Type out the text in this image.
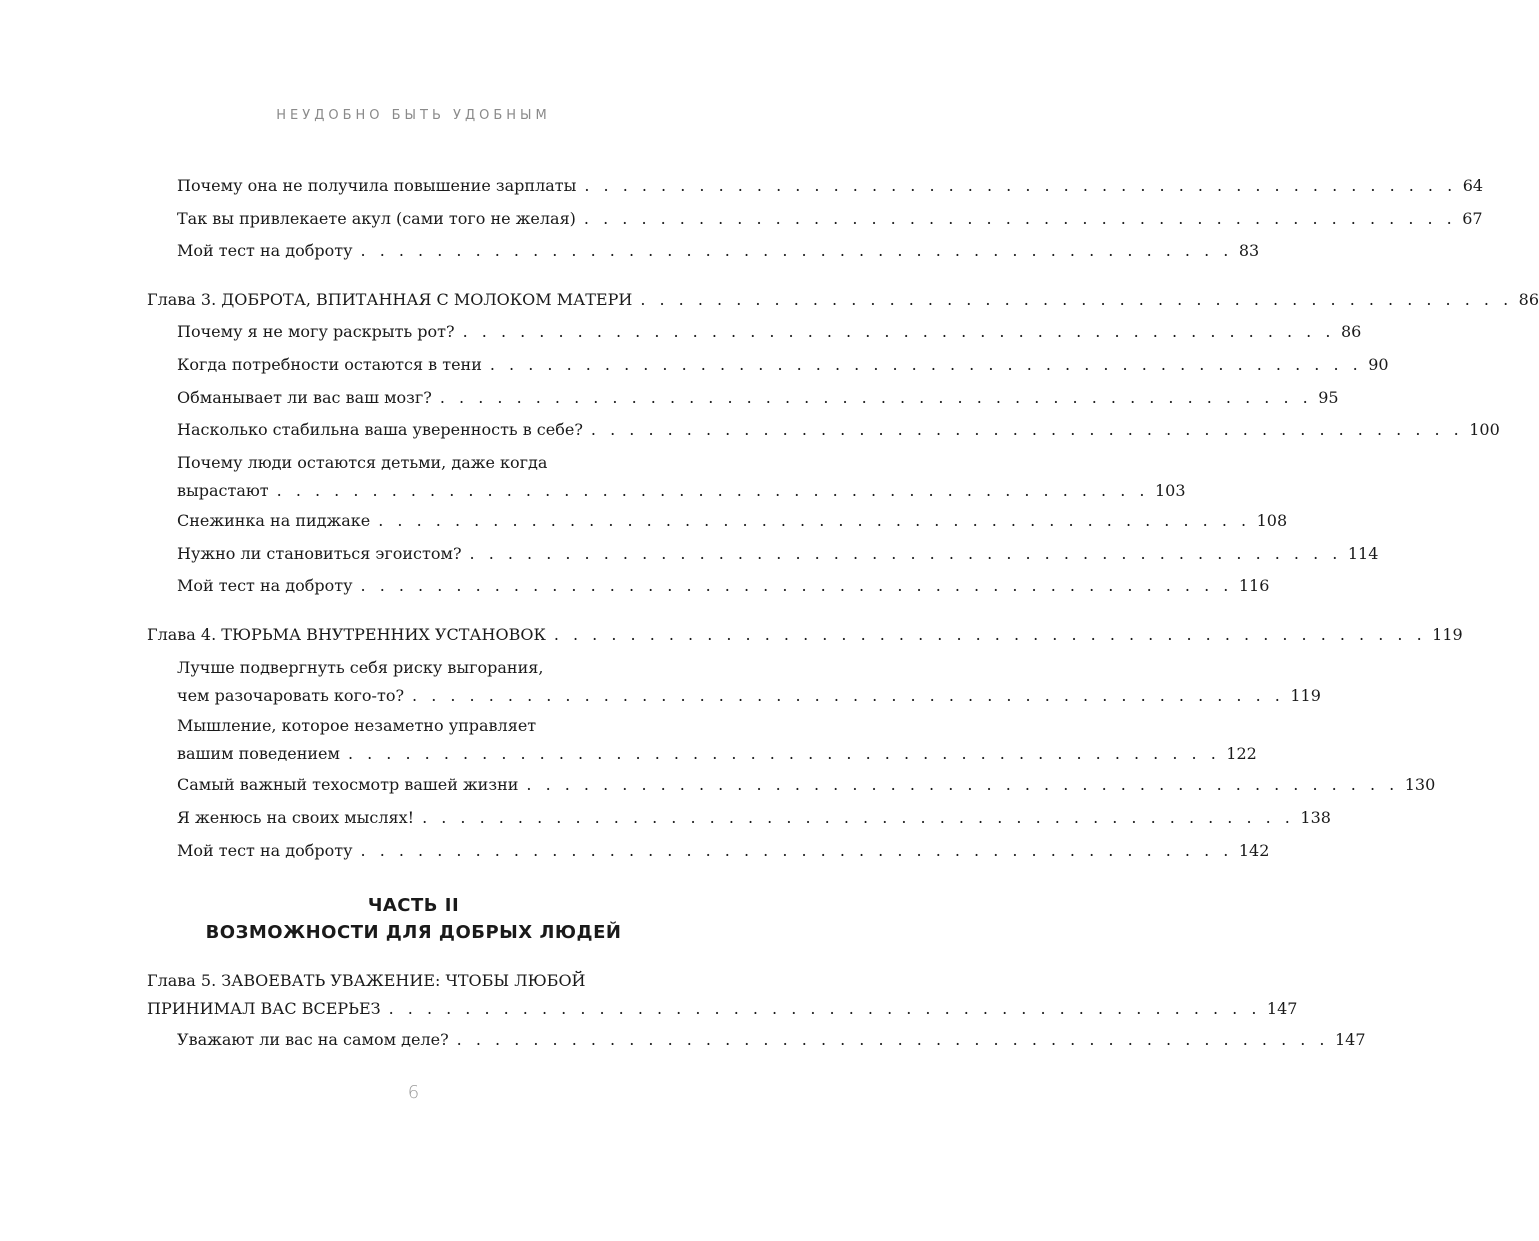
НЕУДОБНО БЫТЬ УДОБНЫМ
Почему она не получила повышение зарплаты . . . . . . . . . . . . . . . . . . . . . . . . . . . . . . . . . . . . . . . . . . . . . . 64
Так вы привлекаете акул (сами того не желая) . . . . . . . . . . . . . . . . . . . . . . . . . . . . . . . . . . . . . . . . . . . . . . 67
Мой тест на доброту . . . . . . . . . . . . . . . . . . . . . . . . . . . . . . . . . . . . . . . . . . . . . . 83
Глава 3. ДОБРОТА, ВПИТАННАЯ С МОЛОКОМ МАТЕРИ . . . . . . . . . . . . . . . . . . . . . . . . . . . . . . . . . . . . . . . . . . . . . . 86
Почему я не могу раскрыть рот? . . . . . . . . . . . . . . . . . . . . . . . . . . . . . . . . . . . . . . . . . . . . . . 86
Когда потребности остаются в тени . . . . . . . . . . . . . . . . . . . . . . . . . . . . . . . . . . . . . . . . . . . . . . 90
Обманывает ли вас ваш мозг? . . . . . . . . . . . . . . . . . . . . . . . . . . . . . . . . . . . . . . . . . . . . . . 95
Насколько стабильна ваша уверенность в себе? . . . . . . . . . . . . . . . . . . . . . . . . . . . . . . . . . . . . . . . . . . . . . . 100
Почему люди остаются детьми, даже когда
вырастают . . . . . . . . . . . . . . . . . . . . . . . . . . . . . . . . . . . . . . . . . . . . . . 103
Снежинка на пиджаке . . . . . . . . . . . . . . . . . . . . . . . . . . . . . . . . . . . . . . . . . . . . . . 108
Нужно ли становиться эгоистом? . . . . . . . . . . . . . . . . . . . . . . . . . . . . . . . . . . . . . . . . . . . . . . 114
Мой тест на доброту . . . . . . . . . . . . . . . . . . . . . . . . . . . . . . . . . . . . . . . . . . . . . . 116
Глава 4. ТЮРЬМА ВНУТРЕННИХ УСТАНОВОК . . . . . . . . . . . . . . . . . . . . . . . . . . . . . . . . . . . . . . . . . . . . . . 119
Лучше подвергнуть себя риску выгорания,
чем разочаровать кого-то? . . . . . . . . . . . . . . . . . . . . . . . . . . . . . . . . . . . . . . . . . . . . . . 119
Мышление, которое незаметно управляет
вашим поведением . . . . . . . . . . . . . . . . . . . . . . . . . . . . . . . . . . . . . . . . . . . . . . 122
Самый важный техосмотр вашей жизни . . . . . . . . . . . . . . . . . . . . . . . . . . . . . . . . . . . . . . . . . . . . . . 130
Я женюсь на своих мыслях! . . . . . . . . . . . . . . . . . . . . . . . . . . . . . . . . . . . . . . . . . . . . . . 138
Мой тест на доброту . . . . . . . . . . . . . . . . . . . . . . . . . . . . . . . . . . . . . . . . . . . . . . 142
ЧАСТЬ II
ВОЗМОЖНОСТИ ДЛЯ ДОБРЫХ ЛЮДЕЙ
Глава 5. ЗАВОЕВАТЬ УВАЖЕНИЕ: ЧТОБЫ ЛЮБОЙ
ПРИНИМАЛ ВАС ВСЕРЬЕЗ . . . . . . . . . . . . . . . . . . . . . . . . . . . . . . . . . . . . . . . . . . . . . . 147
Уважают ли вас на самом деле? . . . . . . . . . . . . . . . . . . . . . . . . . . . . . . . . . . . . . . . . . . . . . . 147
6
